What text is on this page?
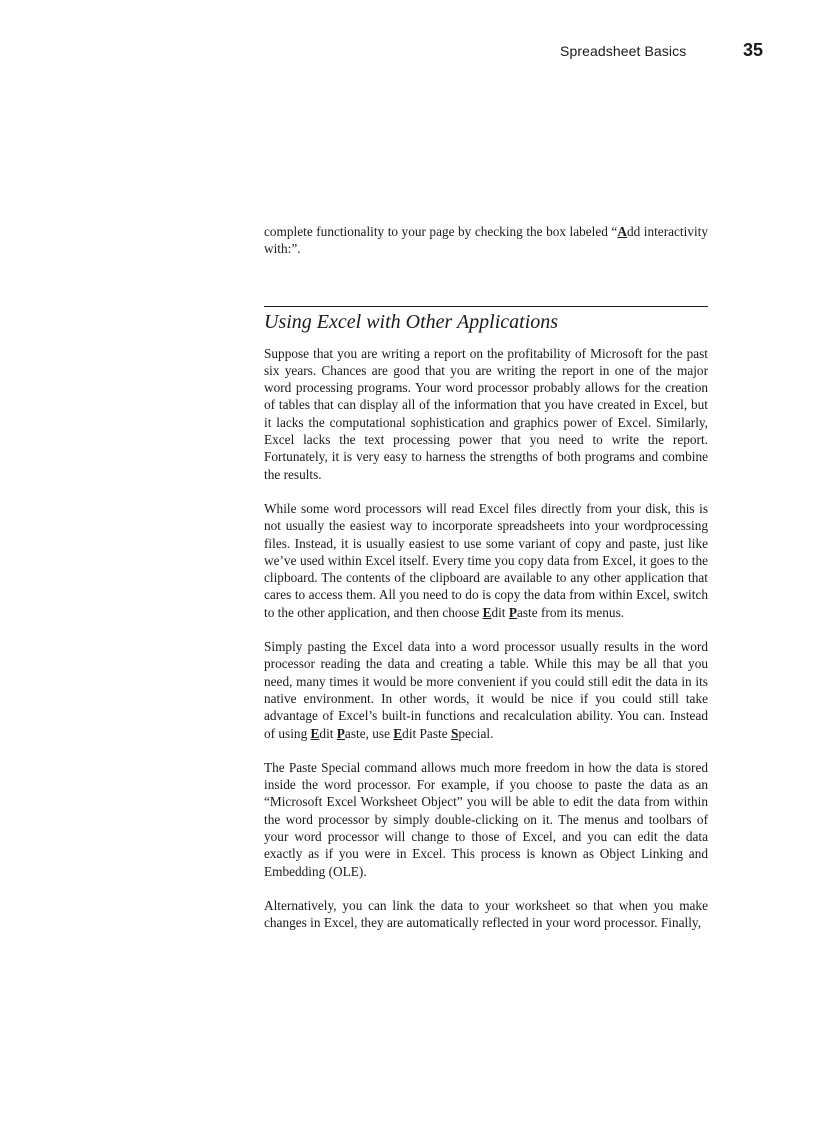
Spreadsheet Basics	35

complete functionality to your page by checking the box labeled “Add interactivity with:”.

Using Excel with Other Applications

Suppose that you are writing a report on the profitability of Microsoft for the past six years. Chances are good that you are writing the report in one of the major word processing programs. Your word processor probably allows for the creation of tables that can display all of the information that you have created in Excel, but it lacks the computational sophistication and graphics power of Excel. Similarly, Excel lacks the text processing power that you need to write the report. Fortunately, it is very easy to harness the strengths of both programs and combine the results.

While some word processors will read Excel files directly from your disk, this is not usually the easiest way to incorporate spreadsheets into your wordprocessing files. Instead, it is usually easiest to use some variant of copy and paste, just like we’ve used within Excel itself. Every time you copy data from Excel, it goes to the clipboard. The contents of the clipboard are available to any other application that cares to access them. All you need to do is copy the data from within Excel, switch to the other application, and then choose Edit Paste from its menus.

Simply pasting the Excel data into a word processor usually results in the word processor reading the data and creating a table. While this may be all that you need, many times it would be more convenient if you could still edit the data in its native environment. In other words, it would be nice if you could still take advantage of Excel’s built-in functions and recalculation ability. You can. Instead of using Edit Paste, use Edit Paste Special.

The Paste Special command allows much more freedom in how the data is stored inside the word processor. For example, if you choose to paste the data as an “Microsoft Excel Worksheet Object” you will be able to edit the data from within the word processor by simply double-clicking on it. The menus and toolbars of your word processor will change to those of Excel, and you can edit the data exactly as if you were in Excel. This process is known as Object Linking and Embedding (OLE).

Alternatively, you can link the data to your worksheet so that when you make changes in Excel, they are automatically reflected in your word processor. Finally,
